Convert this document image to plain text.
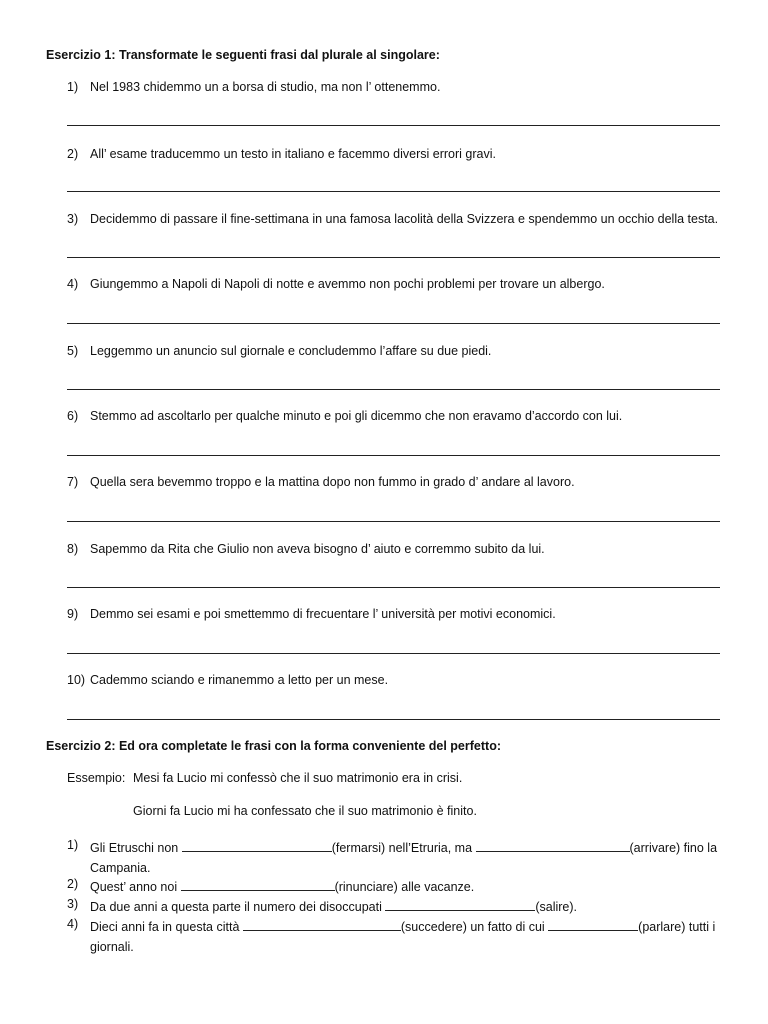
Esercizio 1: Transformate le seguenti frasi dal plurale al singolare:
1) Nel 1983 chidemmo un a borsa di studio, ma non l’ ottenemmo.
2) All’ esame traducemmo un testo in italiano e facemmo diversi errori gravi.
3) Decidemmo di passare il fine-settimana in una famosa lacolità della Svizzera e spendemmo un occhio della testa.
4) Giungemmo a Napoli di Napoli di notte e avemmo non pochi problemi per trovare un albergo.
5) Leggemmo un anuncio sul giornale e concludemmo l’affare su due piedi.
6) Stemmo ad ascoltarlo per qualche minuto e poi gli dicemmo che non eravamo d’accordo con lui.
7) Quella sera bevemmo troppo e la mattina dopo non fummo in grado d’ andare al lavoro.
8) Sapemmo da Rita che Giulio non aveva bisogno d’ aiuto e corremmo subito da lui.
9) Demmo sei esami e poi smettemmo di frecuentare l’ università per motivi economici.
10) Cademmo sciando e rimanemmo a letto per un mese.
Esercizio 2: Ed ora completate le frasi con la forma conveniente del perfetto:
Essempio: Mesi fa Lucio mi confessò che il suo matrimonio era in crisi.
Giorni fa Lucio mi ha confessato che il suo matrimonio è finito.
1) Gli Etruschi non	(fermarsi) nell’Etruria, ma	(arrivare) fino la Campania.
2) Quest’ anno noi	(rinunciare) alle vacanze.
3) Da due anni a questa parte il numero dei disoccupati	(salire).
4) Dieci anni fa in questa città	(succedere) un fatto di cui	(parlare) tutti i giornali.
